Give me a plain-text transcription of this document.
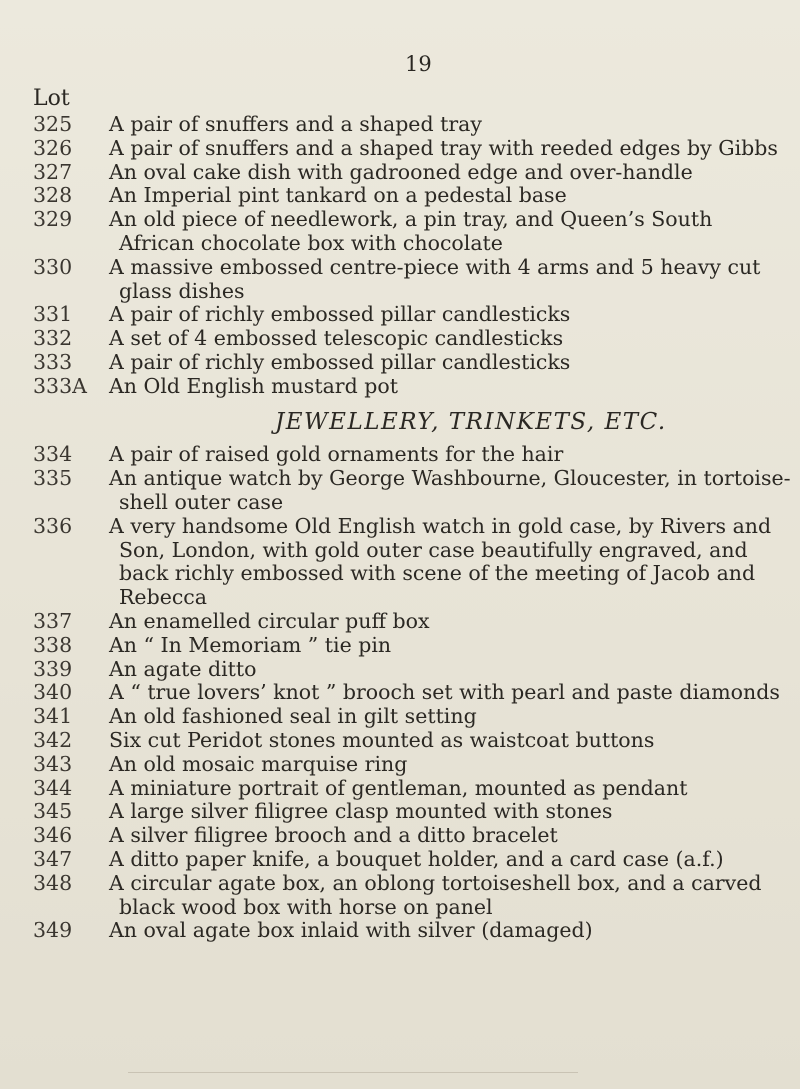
19
Lot
325	A pair of snuffers and a shaped tray
326	A pair of snuffers and a shaped tray with reeded edges by Gibbs
327	An oval cake dish with gadrooned edge and over-handle
328	An Imperial pint tankard on a pedestal base
329	An old piece of needlework, a pin tray, and Queen’s South African chocolate box with chocolate
330	A massive embossed centre-piece with 4 arms and 5 heavy cut glass dishes
331	A pair of richly embossed pillar candlesticks
332	A set of 4 embossed telescopic candlesticks
333	A pair of richly embossed pillar candlesticks
333A	An Old English mustard pot
JEWELLERY, TRINKETS, ETC.
334	A pair of raised gold ornaments for the hair
335	An antique watch by George Washbourne, Gloucester, in tortoise-shell outer case
336	A very handsome Old English watch in gold case, by Rivers and Son, London, with gold outer case beautifully engraved, and back richly embossed with scene of the meeting of Jacob and Rebecca
337	An enamelled circular puff box
338	An “ In Memoriam ” tie pin
339	An agate ditto
340	A “ true lovers’ knot ” brooch set with pearl and paste diamonds
341	An old fashioned seal in gilt setting
342	Six cut Peridot stones mounted as waistcoat buttons
343	An old mosaic marquise ring
344	A miniature portrait of gentleman, mounted as pendant
345	A large silver filigree clasp mounted with stones
346	A silver filigree brooch and a ditto bracelet
347	A ditto paper knife, a bouquet holder, and a card case (a.f.)
348	A circular agate box, an oblong tortoiseshell box, and a carved black wood box with horse on panel
349	An oval agate box inlaid with silver (damaged)
